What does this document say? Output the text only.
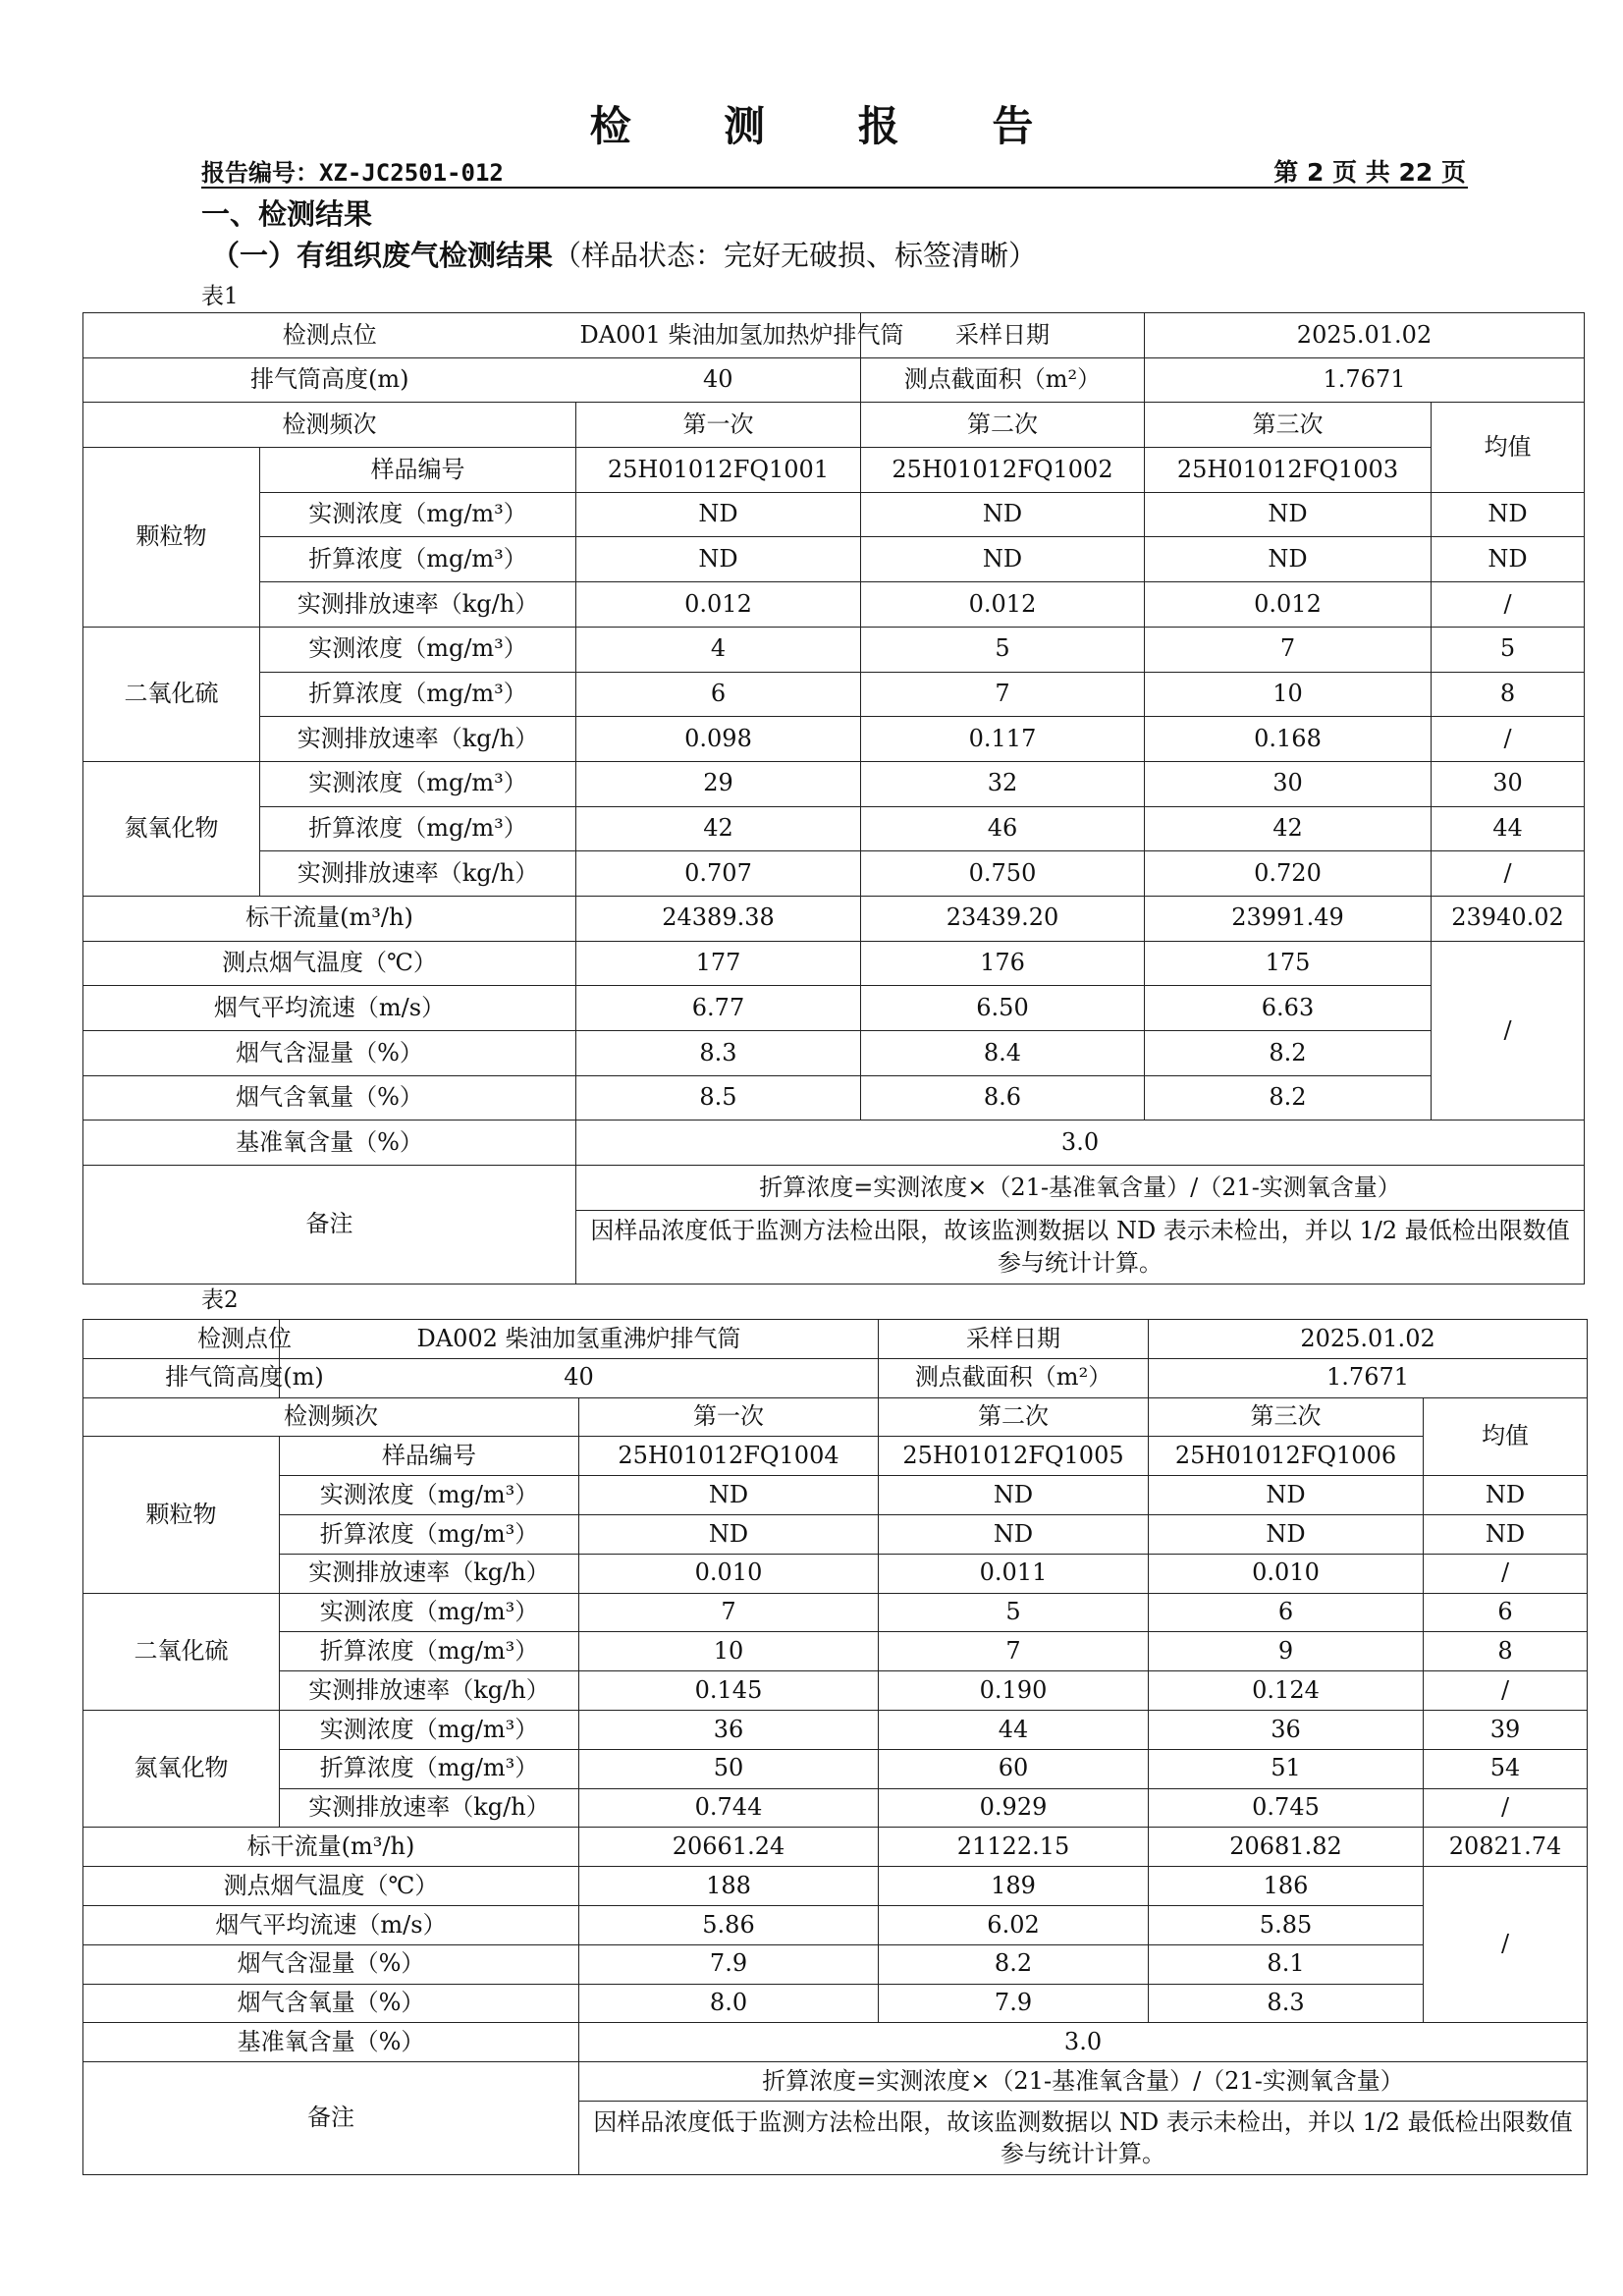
检 测 报 告
报告编号：XZ-JC2501-012	第 2 页 共 22 页
一、检测结果
（一）有组织废气检测结果（样品状态：完好无破损、标签清晰）
表1
表2
检测点位		DA001 柴油加氢加热炉排气筒	采样日期	2025.01.02	
排气筒高度(m)		40	测点截面积（m²）	1.7671	
检测频次		第一次	第二次	第三次	均值
颗粒物	样品编号	25H01012FQ1001	25H01012FQ1002	25H01012FQ1003	
	实测浓度（mg/m³）	ND	ND	ND	ND
	折算浓度（mg/m³）	ND	ND	ND	ND
	实测排放速率（kg/h）	0.012	0.012	0.012	/
二氧化硫	实测浓度（mg/m³）	4	5	7	5
	折算浓度（mg/m³）	6	7	10	8
	实测排放速率（kg/h）	0.098	0.117	0.168	/
氮氧化物	实测浓度（mg/m³）	29	32	30	30
	折算浓度（mg/m³）	42	46	42	44
	实测排放速率（kg/h）	0.707	0.750	0.720	/
标干流量(m³/h)		24389.38	23439.20	23991.49	23940.02
测点烟气温度（℃）		177	176	175	/
烟气平均流速（m/s）		6.77	6.50	6.63	
烟气含湿量（%）		8.3	8.4	8.2	
烟气含氧量（%）		8.5	8.6	8.2	
基准氧含量（%）		3.0			
备注		折算浓度=实测浓度×（21-基准氧含量）/（21-实测氧含量）			
		因样品浓度低于监测方法检出限，故该监测数据以 ND 表示未检出，并以 1/2 最低检出限数值参与统计计算。			
检测点位	DA002 柴油加氢重沸炉排气筒		采样日期	2025.01.02	
排气筒高度(m)	40		测点截面积（m²）	1.7671	
检测频次		第一次	第二次	第三次	均值
颗粒物	样品编号	25H01012FQ1004	25H01012FQ1005	25H01012FQ1006	
	实测浓度（mg/m³）	ND	ND	ND	ND
	折算浓度（mg/m³）	ND	ND	ND	ND
	实测排放速率（kg/h）	0.010	0.011	0.010	/
二氧化硫	实测浓度（mg/m³）	7	5	6	6
	折算浓度（mg/m³）	10	7	9	8
	实测排放速率（kg/h）	0.145	0.190	0.124	/
氮氧化物	实测浓度（mg/m³）	36	44	36	39
	折算浓度（mg/m³）	50	60	51	54
	实测排放速率（kg/h）	0.744	0.929	0.745	/
标干流量(m³/h)		20661.24	21122.15	20681.82	20821.74
测点烟气温度（℃）		188	189	186	/
烟气平均流速（m/s）		5.86	6.02	5.85	
烟气含湿量（%）		7.9	8.2	8.1	
烟气含氧量（%）		8.0	7.9	8.3	
基准氧含量（%）		3.0			
备注		折算浓度=实测浓度×（21-基准氧含量）/（21-实测氧含量）			
		因样品浓度低于监测方法检出限，故该监测数据以 ND 表示未检出，并以 1/2 最低检出限数值参与统计计算。			
